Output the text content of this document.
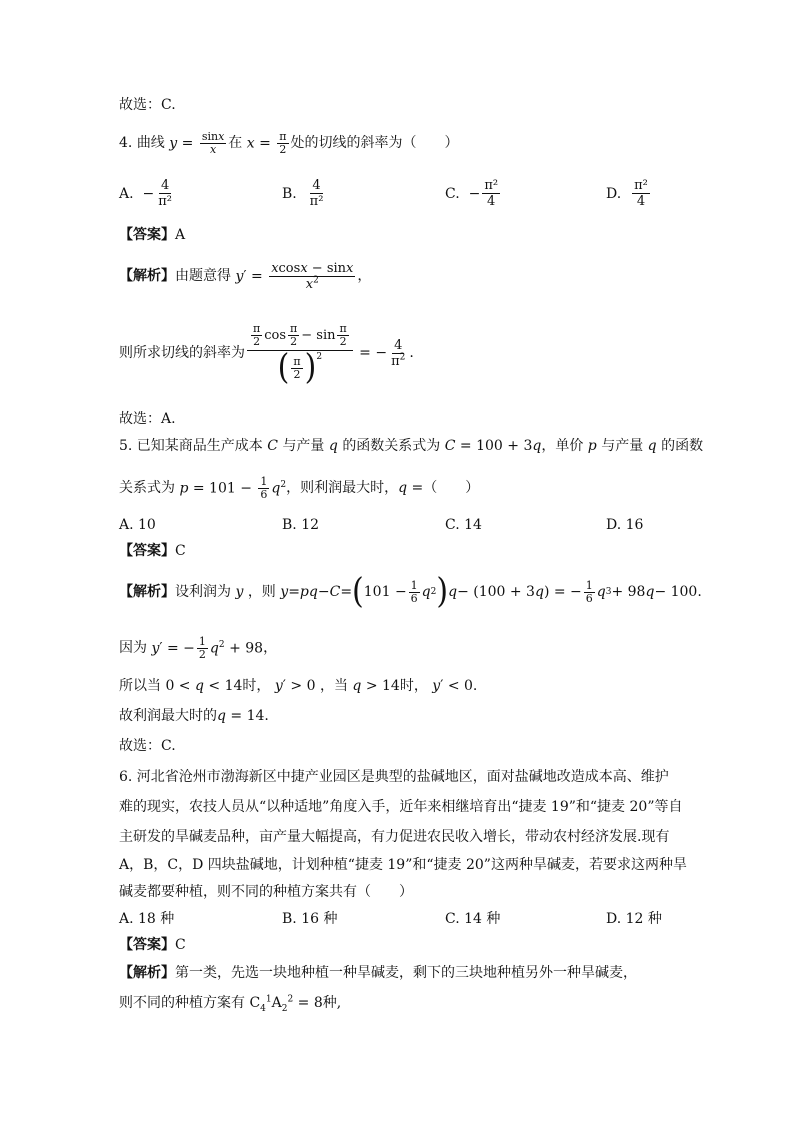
故选：C.
4.
曲线 $y = \frac{\sin x}{x}$ 在 $x = \frac{\pi}{2}$ 处的切线的斜率为（　　）
A.
− $\frac{4}{\text{π²}}$	B.
$\frac{4}{\text{π²}}$	C.
− $\frac{\text{π²}}{4}$	D.
$\frac{\text{π²}}{4}$
【答案】A
【解析】 由题意得 $y' = \frac{xcosx - \sin x}{x^2}$ ，
则所求切线的斜率为 $\frac{\frac{\pi}{2} \cos \frac{\pi}{2} - \sin \frac{\pi}{2}}{( \frac{\pi}{2} ) 2}$ = − $\frac{4}{\pi^2}$ .
故选：A.
5. 已知某商品生产成本 C 与产量 q 的函数关系式为 C = 100 + 3q，单价 p 与产量 q 的函数
关系式为 $p = 101 - \frac{1}{6} q^2$ ，则利润最大时， q = （　　）
A. 10	B. 12	C. 14	D. 16
【答案】C
【解析】 设利润为 y ，则
y = pq − C = ( $101 - \frac{1}{6}$ q 2 ) q − (100 + 3 q ) = − $\frac{1}{6}$ q 3 + 98 q − 100.
因为 y′ = − $\frac{1}{2} q^2 + 98$ ，
所以当 0 < q < 14时， y′ > 0 ，当 q > 14时， y′ < 0.
故利润最大时的q = 14.
故选：C.
6. 河北省沧州市渤海新区中捷产业园区是典型的盐碱地区，面对盐碱地改造成本高、维护
难的现实，农技人员从“以种适地”角度入手，近年来相继培育出“捷麦 19”和“捷麦 20”等自
主研发的旱碱麦品种，亩产量大幅提高，有力促进农民收入增长，带动农村经济发展.现有
A，B，C，D 四块盐碱地，计划种植“捷麦 19”和“捷麦 20”这两种旱碱麦，若要求这两种旱
碱麦都要种植，则不同的种植方案共有（　　）
A. 18 种	B. 16 种	C. 14 种	D. 12 种
【答案】C
【解析】第一类，先选一块地种植一种旱碱麦，剩下的三块地种植另外一种旱碱麦，
则不同的种植方案有 $C_4^1A_2^2 = 8$种,
